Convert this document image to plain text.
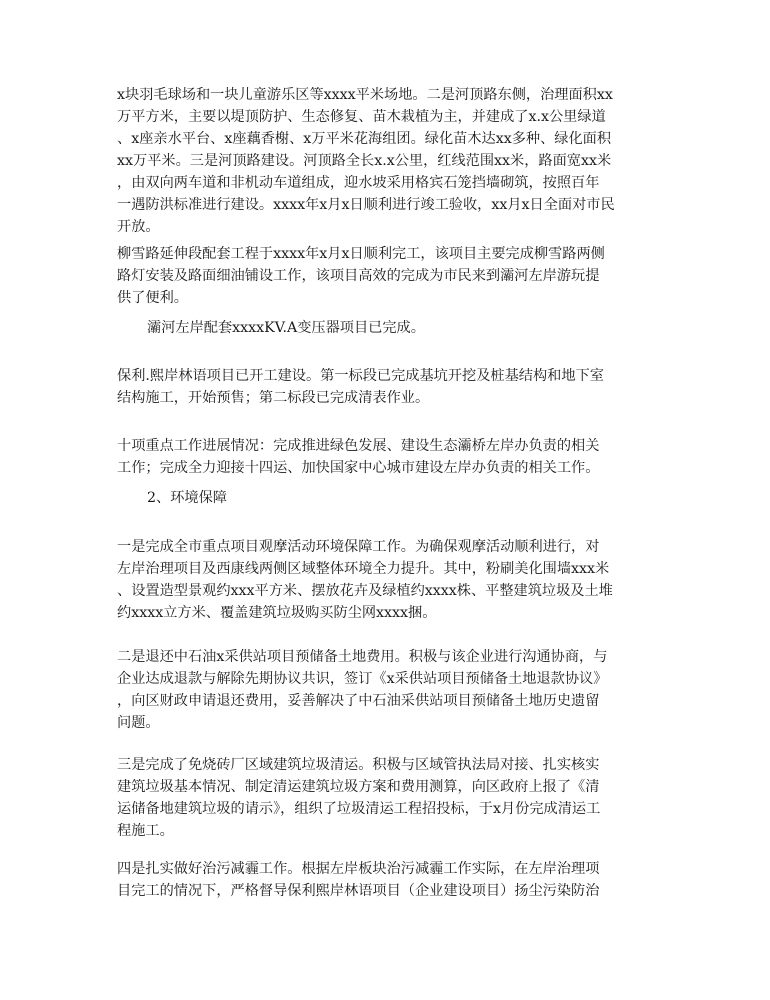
x块羽毛球场和一块儿童游乐区等xxxx平米场地。二是河顶路东侧，治理面积xx
万平方米，主要以堤顶防护、生态修复、苗木栽植为主，并建成了x.x公里绿道
、x座亲水平台、x座藕香榭、x万平米花海组团。绿化苗木达xx多种、绿化面积
xx万平米。三是河顶路建设。河顶路全长x.x公里，红线范围xx米，路面宽xx米
，由双向两车道和非机动车道组成，迎水坡采用格宾石笼挡墙砌筑，按照百年
一遇防洪标准进行建设。xxxx年x月x日顺利进行竣工验收，xx月x日全面对市民
开放。

柳雪路延伸段配套工程于xxxx年x月x日顺利完工，该项目主要完成柳雪路两侧
路灯安装及路面细油铺设工作，该项目高效的完成为市民来到灞河左岸游玩提
供了便利。

灞河左岸配套xxxxKV.A变压器项目已完成。

保利.熙岸林语项目已开工建设。第一标段已完成基坑开挖及桩基结构和地下室
结构施工，开始预售；第二标段已完成清表作业。

十项重点工作进展情况：完成推进绿色发展、建设生态灞桥左岸办负责的相关
工作；完成全力迎接十四运、加快国家中心城市建设左岸办负责的相关工作。

2、环境保障

一是完成全市重点项目观摩活动环境保障工作。为确保观摩活动顺利进行，对
左岸治理项目及西康线两侧区域整体环境全力提升。其中，粉刷美化围墙xxx米
、设置造型景观约xxx平方米、摆放花卉及绿植约xxxx株、平整建筑垃圾及土堆
约xxxx立方米、覆盖建筑垃圾购买防尘网xxxx捆。

二是退还中石油x采供站项目预储备土地费用。积极与该企业进行沟通协商，与
企业达成退款与解除先期协议共识，签订《x采供站项目预储备土地退款协议》
，向区财政申请退还费用，妥善解决了中石油采供站项目预储备土地历史遗留
问题。

三是完成了免烧砖厂区域建筑垃圾清运。积极与区域管执法局对接、扎实核实
建筑垃圾基本情况、制定清运建筑垃圾方案和费用测算，向区政府上报了《清
运储备地建筑垃圾的请示》，组织了垃圾清运工程招投标，于x月份完成清运工
程施工。

四是扎实做好治污减霾工作。根据左岸板块治污减霾工作实际，在左岸治理项
目完工的情况下，严格督导保利熙岸林语项目（企业建设项目）扬尘污染防治
